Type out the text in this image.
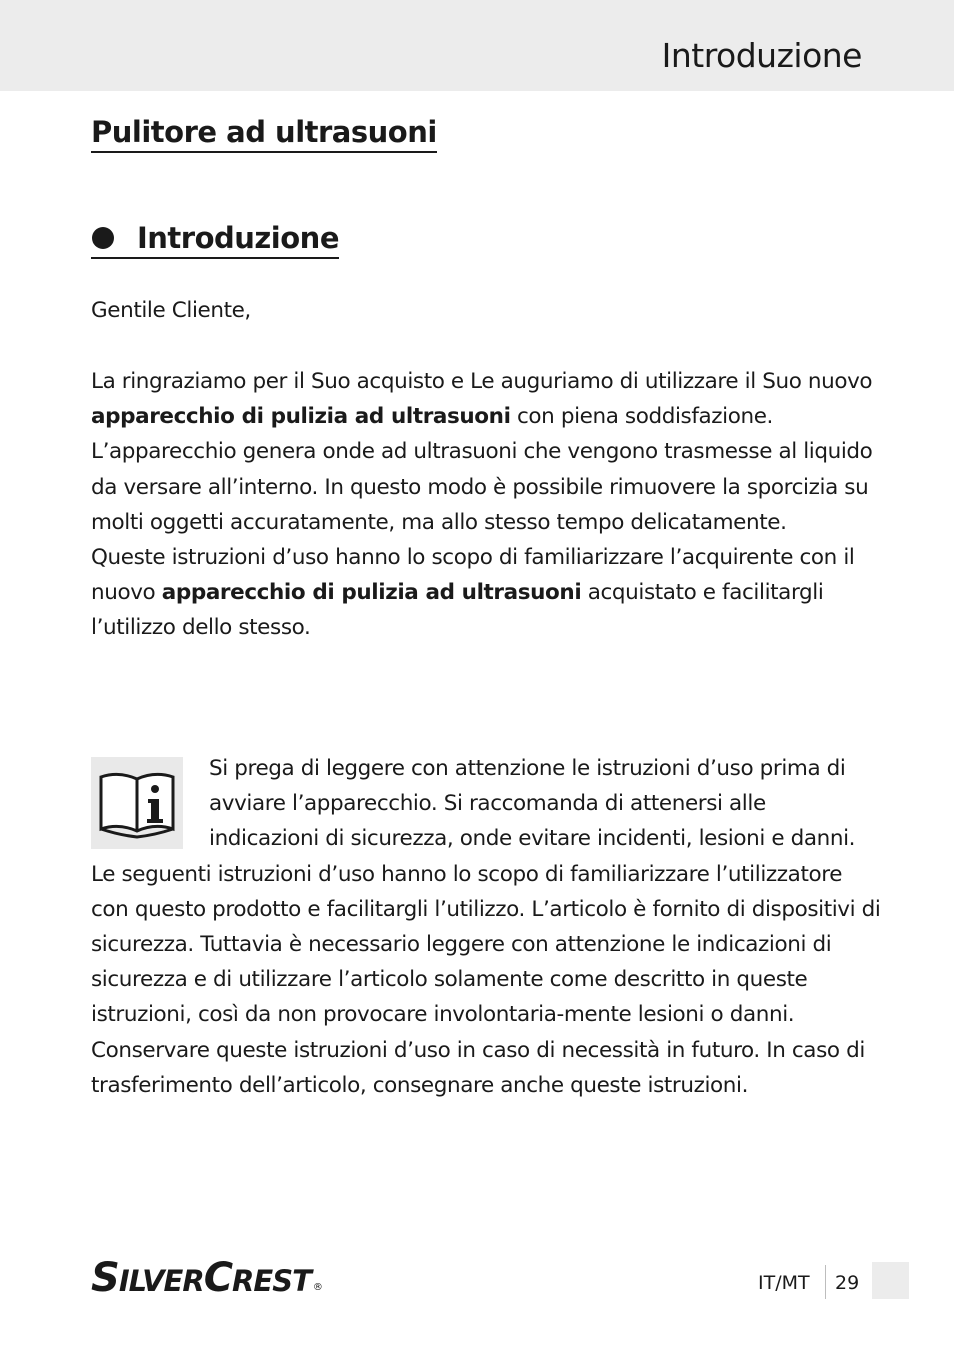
Introduzione
Pulitore ad ultrasuoni
Introduzione

Gentile Cliente,

La ringraziamo per il Suo acquisto e Le auguriamo di utilizzare il Suo nuovo apparecchio di pulizia ad ultrasuoni con piena soddisfazione.
L’apparecchio genera onde ad ultrasuoni che vengono trasmesse al liquido da versare all’interno. In questo modo è possibile rimuovere la sporcizia su molti oggetti accuratamente, ma allo stesso tempo delicatamente.
Queste istruzioni d’uso hanno lo scopo di familiarizzare l’acquirente con il nuovo apparecchio di pulizia ad ultrasuoni acquistato e facilitargli l’utilizzo dello stesso.

Si prega di leggere con attenzione le istruzioni d’uso prima di avviare l’apparecchio. Si raccomanda di attenersi alle indicazioni di sicurezza, onde evitare incidenti, lesioni e danni. Le seguenti istruzioni d’uso hanno lo scopo di familiarizzare l’utilizzatore con questo prodotto e facilitargli l’utilizzo. L’articolo è fornito di dispositivi di sicurezza. Tuttavia è necessario leggere con attenzione le indicazioni di sicurezza e di utilizzare l’articolo solamente come descritto in queste istruzioni, così da non provocare involontaria-mente lesioni o danni. Conservare queste istruzioni d’uso in caso di necessità in futuro. In caso di trasferimento dell’articolo, consegnare anche queste istruzioni.
SILVERCREST ®	IT/MT 29
